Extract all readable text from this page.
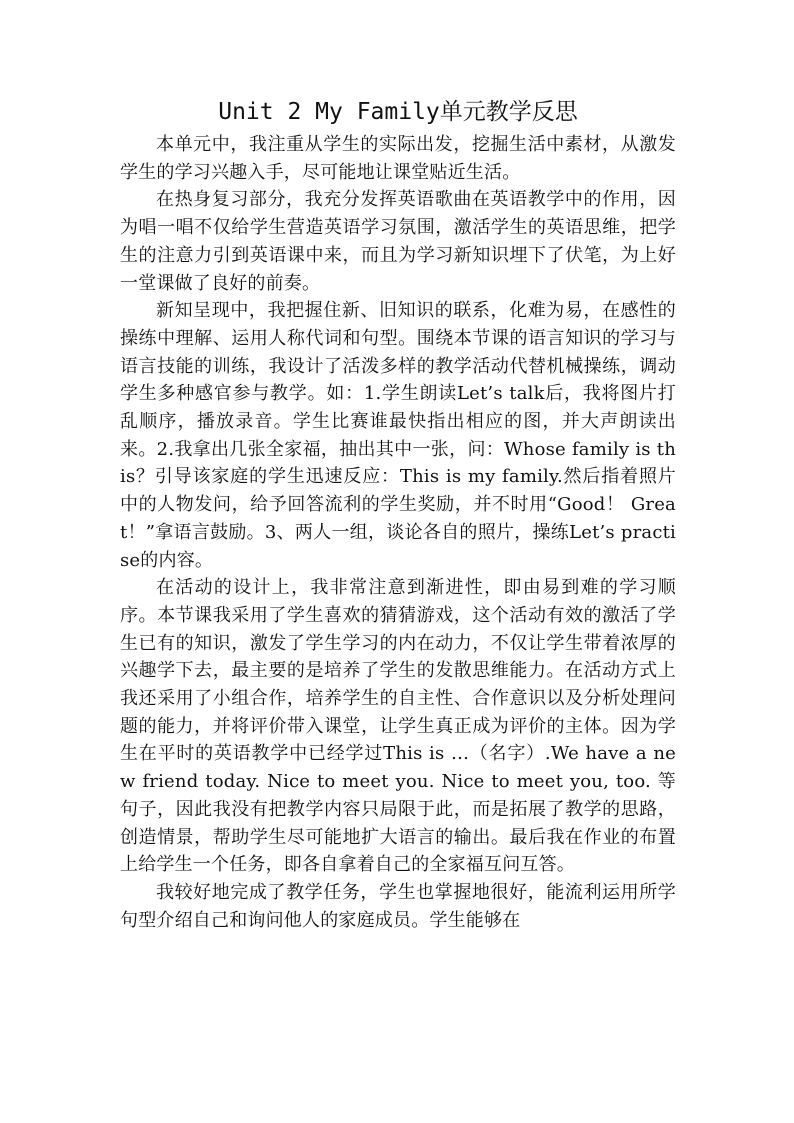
Unit 2 My Family单元教学反思

本单元中，我注重从学生的实际出发，挖掘生活中素材，从激发学生的学习兴趣入手，尽可能地让课堂贴近生活。

在热身复习部分，我充分发挥英语歌曲在英语教学中的作用，因为唱一唱不仅给学生营造英语学习氛围，激活学生的英语思维，把学生的注意力引到英语课中来，而且为学习新知识埋下了伏笔，为上好一堂课做了良好的前奏。

新知呈现中，我把握住新、旧知识的联系，化难为易，在感性的操练中理解、运用人称代词和句型。围绕本节课的语言知识的学习与语言技能的训练，我设计了活泼多样的教学活动代替机械操练，调动学生多种感官参与教学。如：1.学生朗读Let’s talk后，我将图片打乱顺序，播放录音。学生比赛谁最快指出相应的图，并大声朗读出来。2.我拿出几张全家福，抽出其中一张，问：Whose family is this？引导该家庭的学生迅速反应：This is my family.然后指着照片中的人物发问，给予回答流利的学生奖励，并不时用“Good！ Great！”拿语言鼓励。3、两人一组，谈论各自的照片，操练Let’s practise的内容。

在活动的设计上，我非常注意到渐进性，即由易到难的学习顺序。本节课我采用了学生喜欢的猜猜游戏，这个活动有效的激活了学生已有的知识，激发了学生学习的内在动力，不仅让学生带着浓厚的兴趣学下去，最主要的是培养了学生的发散思维能力。在活动方式上我还采用了小组合作，培养学生的自主性、合作意识以及分析处理问题的能力，并将评价带入课堂，让学生真正成为评价的主体。因为学生在平时的英语教学中已经学过This is …（名字）.We have a new friend today. Nice to meet you. Nice to meet you, too. 等句子，因此我没有把教学内容只局限于此，而是拓展了教学的思路，创造情景，帮助学生尽可能地扩大语言的输出。最后我在作业的布置上给学生一个任务，即各自拿着自己的全家福互问互答。

我较好地完成了教学任务，学生也掌握地很好，能流利运用所学句型介绍自己和询问他人的家庭成员。学生能够在
